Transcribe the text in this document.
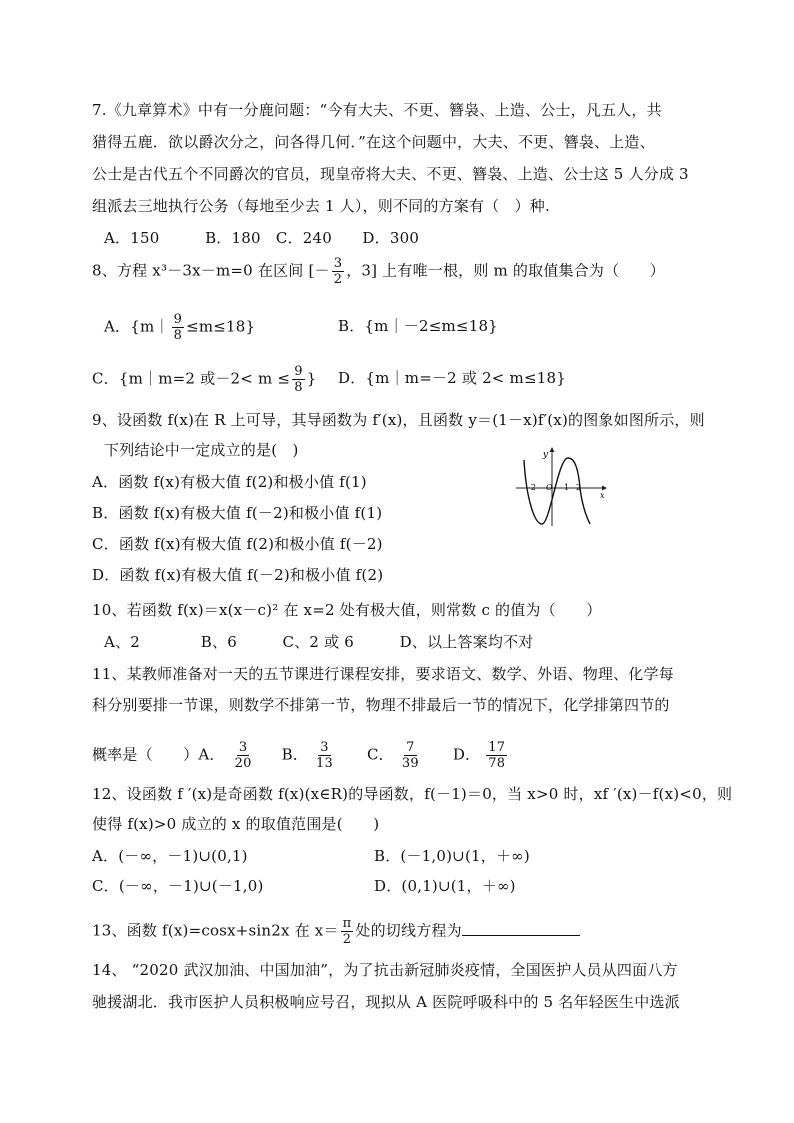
7.《九章算术》中有一分鹿问题：“今有大夫、不更、簪袅、上造、公士，凡五人，共
猎得五鹿．欲以爵次分之，问各得几何．”在这个问题中，大夫、不更、簪袅、上造、
公士是古代五个不同爵次的官员，现皇帝将大夫、不更、簪袅、上造、公士这 5 人分成 3
组派去三地执行公务（每地至少去 1 人），则不同的方案有（　）种.
A．150　　　B．180　C．240　　D．300
8、方程 x³－3x－m=0 在区间 [－ $\frac{3}{2}$ ，3] 上有唯一根，则 m 的取值集合为（　　）
A．{m｜ $\frac{9}{8} \le m\le 18$}	B．{m｜－2≤m≤18}
C．{m｜m=2 或$-2< m \le \frac{9}{8}$ } D．{m｜m=－2 或 2< m≤18}
9、设函数 f(x)在 R 上可导，其导函数为 f′(x)，且函数 y＝(1－x)f′(x)的图象如图所示，则
下列结论中一定成立的是(　)
A．函数 f(x)有极大值 f(2)和极小值 f(1)
B．函数 f(x)有极大值 f(－2)和极小值 f(1)
C．函数 f(x)有极大值 f(2)和极小值 f(－2)
D．函数 f(x)有极大值 f(－2)和极小值 f(2)
y
x
-2 O 1 2
10、若函数 f(x)＝x(x－c)² 在 x=2 处有极大值，则常数 c 的值为（　　）
A、2　　　　B、6　　　C、2 或 6　　　D、以上答案均不对
11、某教师准备对一天的五节课进行课程安排，要求语文、数学、外语、物理、化学每
科分别要排一节课，则数学不排第一节，物理不排最后一节的情况下，化学排第四节的
概率是（　　）A． $\frac{3}{20}$ B． $\frac{3}{13}$ C． $\frac{7}{39}$ D． $\frac{17}{78}$
12、设函数 f ′(x)是奇函数 f(x)(x∈R)的导函数，f(－1)＝0，当 x>0 时，xf ′(x)－f(x)<0，则
使得 f(x)>0 成立的 x 的取值范围是(　　)
A．(－∞，－1)∪(0,1)	B．(－1,0)∪(1，＋∞)
C．(－∞，－1)∪(－1,0)	D．(0,1)∪(1，＋∞)
13、函数 f(x)=cosx+sin2x 在 $x= \frac{\pi}{2}$ 处的切线方程为
14、 “2020 武汉加油、中国加油”，为了抗击新冠肺炎疫情，全国医护人员从四面八方
驰援湖北．我市医护人员积极响应号召，现拟从 A 医院呼吸科中的 5 名年轻医生中选派
